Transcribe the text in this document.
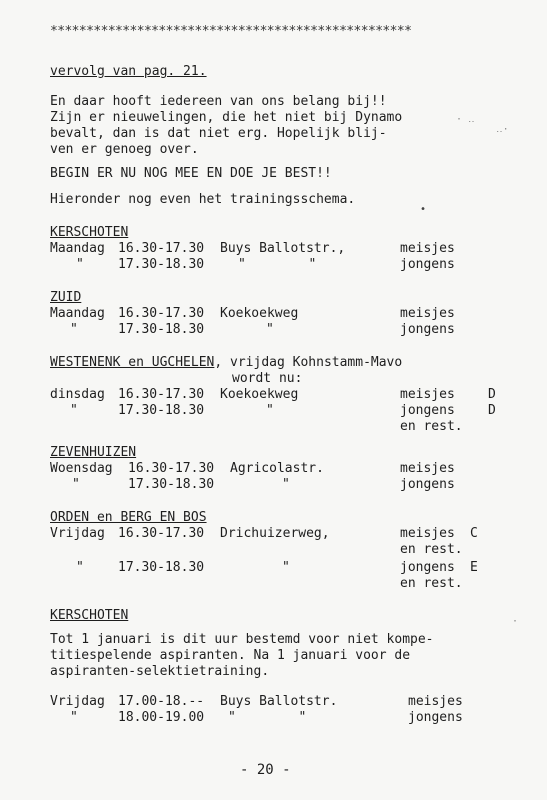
**************************************************
vervolg van pag. 21.
En daar hooft iedereen van ons belang bij!!
Zijn er nieuwelingen, die het niet bij Dynamo
bevalt, dan is dat niet erg. Hopelijk blij-
ven er genoeg over.
BEGIN ER NU NOG MEE EN DOE JE BEST!!
Hieronder nog even het trainingsschema.
KERSCHOTEN
Maandag 16.30-17.30 Buys Ballotstr.,	meisjes
"	17.30-18.30	"        "	jongens
ZUID
Maandag 16.30-17.30 Koekoekweg	meisjes
"	17.30-18.30	"	jongens
WESTENENK en UGCHELEN, vrijdag Kohnstamm-Mavo
wordt nu:
dinsdag 16.30-17.30 Koekoekweg	meisjes	D
"	17.30-18.30	"	jongens	D
en rest.
ZEVENHUIZEN
Woensdag 16.30-17.30 Agricolastr.	meisjes
"	17.30-18.30	"	jongens
ORDEN en BERG EN BOS
Vrijdag 16.30-17.30 Drichuizerweg,	meisjes C
en rest.
"	17.30-18.30	"	jongens E
en rest.
KERSCHOTEN
Tot 1 januari is dit uur bestemd voor niet kompe-
titiespelende aspiranten. Na 1 januari voor de
aspiranten-selektietraining.
Vrijdag 17.00-18.-- Buys Ballotstr.	meisjes
"	18.00-19.00 "        "	jongens
- 20 -
· ‥
‥·
•
·
